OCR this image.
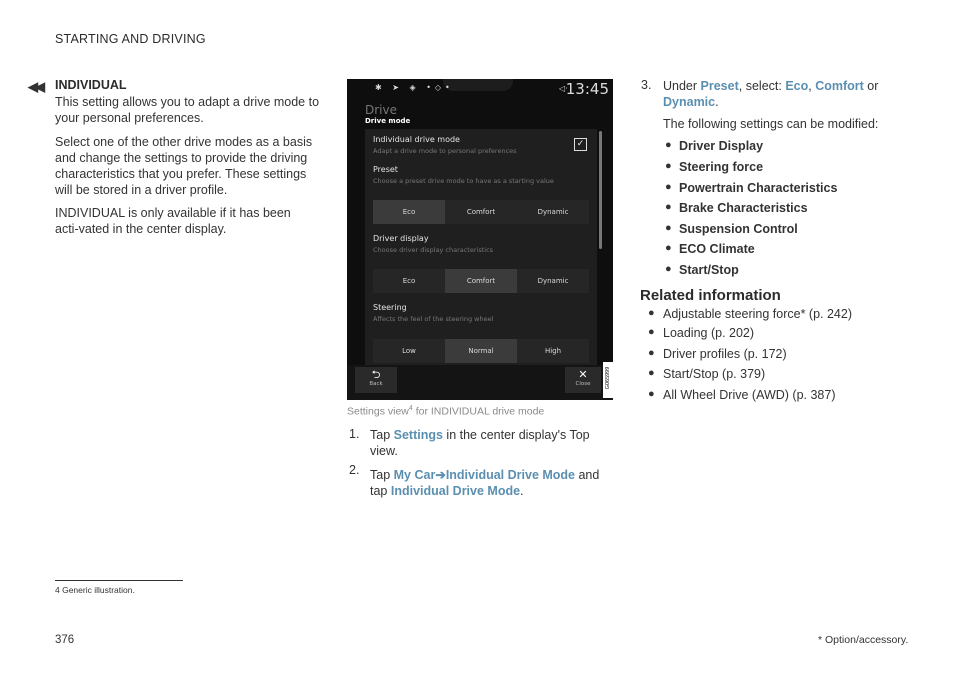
STARTING AND DRIVING
◀◀ INDIVIDUAL
This setting allows you to adapt a drive mode to your personal preferences.
Select one of the other drive modes as a basis and change the settings to provide the driving characteristics that you prefer. These settings will be stored in a driver profile.
INDIVIDUAL is only available if it has been acti-vated in the center display.
✱ ➤ ◈ •◇•	◁·
13:45
Drive
Drive mode
Individual drive mode
Adapt a drive mode to personal preferences
✓
Preset
Choose a preset drive mode to have as a starting value
Eco	Comfort	Dynamic
Driver display
Choose driver display characteristics
Eco	Comfort	Dynamic
Steering
Affects the feel of the steering wheel
Low	Normal	High
⮌
Back
✕
Close	G065999
Settings view$^4$ for INDIVIDUAL drive mode
1. Tap Settings in the center display's Top view.
2. Tap My Car➔Individual Drive Mode and tap Individual Drive Mode.
3. Under Preset, select: Eco, Comfort or Dynamic.
The following settings can be modified:
● Driver Display
● Steering force
● Powertrain Characteristics
● Brake Characteristics
● Suspension Control
● ECO Climate
● Start/Stop
Related information
● Adjustable steering force* (p. 242)
● Loading (p. 202)
● Driver profiles (p. 172)
● Start/Stop (p. 379)
● All Wheel Drive (AWD) (p. 387)
4 Generic illustration.
376	* Option/accessory.
